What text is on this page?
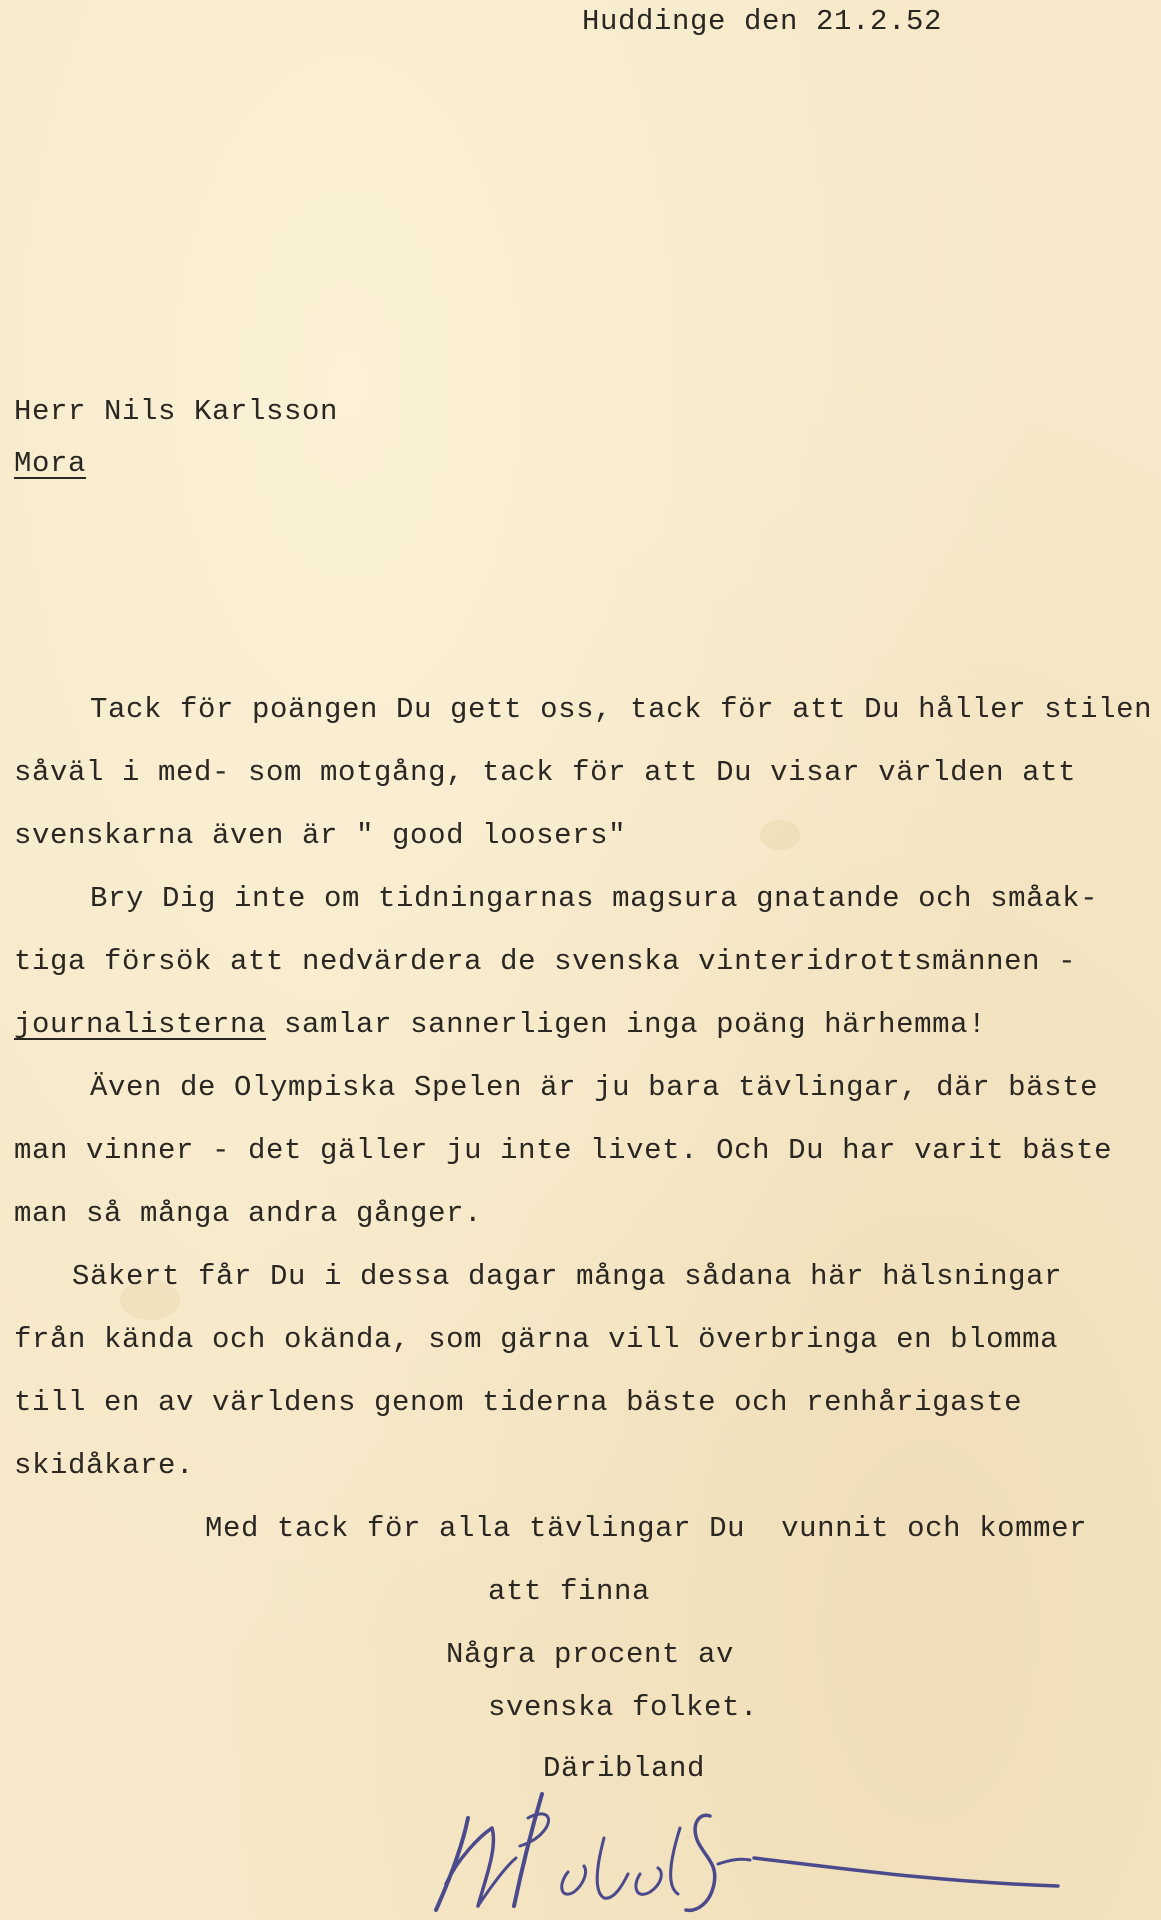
Huddinge den 21.2.52
Herr Nils Karlsson
Mora
Tack för poängen Du gett oss, tack för att Du håller stilen
såväl i med- som motgång, tack för att Du visar världen att
svenskarna även är " good loosers"
Bry Dig inte om tidningarnas magsura gnatande och småak-
tiga försök att nedvärdera de svenska vinteridrottsmännen -
journalisterna samlar sannerligen inga poäng härhemma!
Även de Olympiska Spelen är ju bara tävlingar, där bäste
man vinner - det gäller ju inte livet. Och Du har varit bäste
man så många andra gånger.
Säkert får Du i dessa dagar många sådana här hälsningar
från kända och okända, som gärna vill överbringa en blomma
till en av världens genom tiderna bäste och renhårigaste
skidåkare.
Med tack för alla tävlingar Du  vunnit och kommer
att finna
Några procent av
svenska folket.
Däribland
